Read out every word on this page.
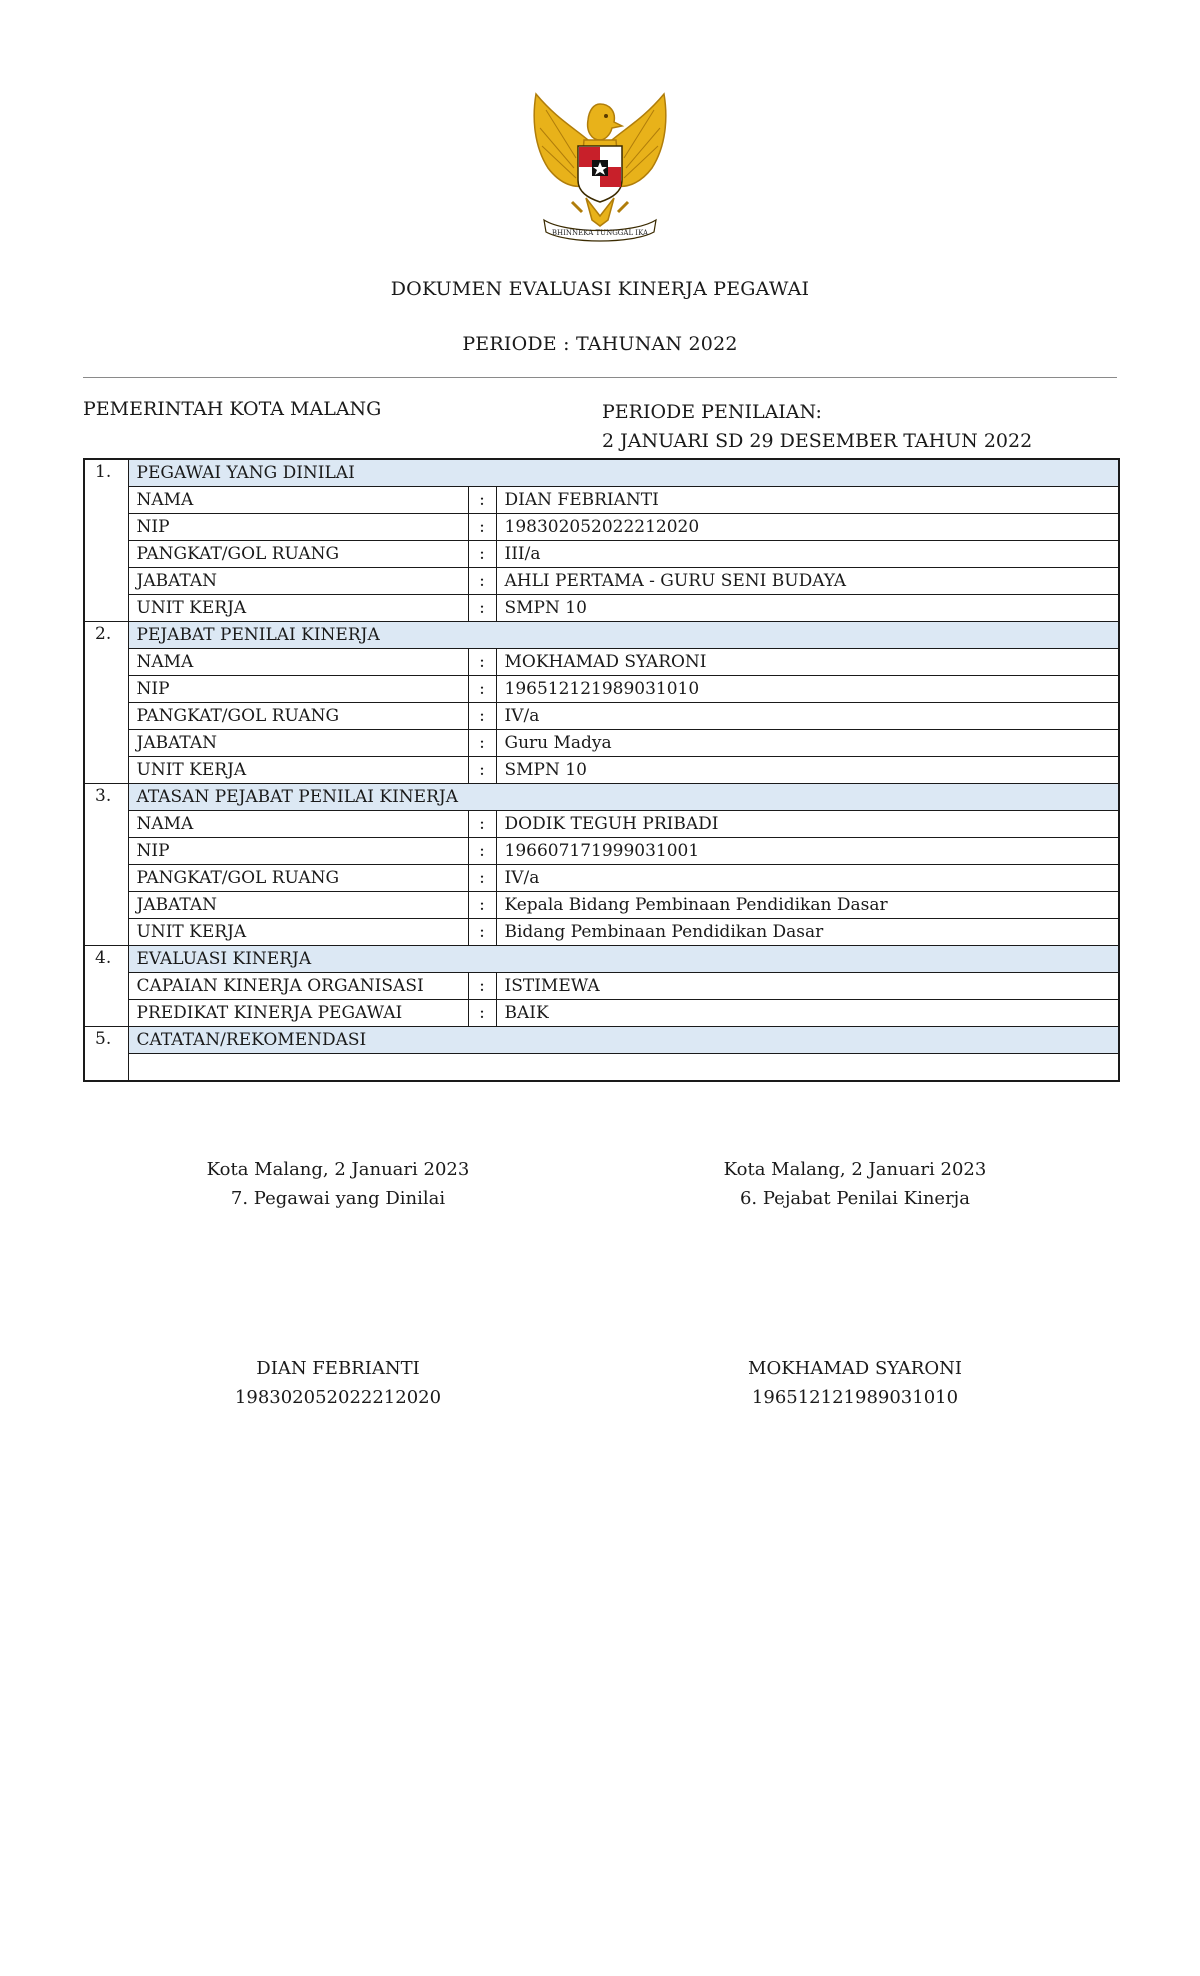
BHINNEKA TUNGGAL IKA
DOKUMEN EVALUASI KINERJA PEGAWAI
PERIODE : TAHUNAN 2022
PEMERINTAH KOTA MALANG	PERIODE PENILAIAN:
2 JANUARI SD 29 DESEMBER TAHUN 2022
1.	PEGAWAI YANG DINILAI		
	NAMA	:	DIAN FEBRIANTI
	NIP	:	198302052022212020
	PANGKAT/GOL RUANG	:	III/a
	JABATAN	:	AHLI PERTAMA - GURU SENI BUDAYA
	UNIT KERJA	:	SMPN 10
2.	PEJABAT PENILAI KINERJA		
	NAMA	:	MOKHAMAD SYARONI
	NIP	:	196512121989031010
	PANGKAT/GOL RUANG	:	IV/a
	JABATAN	:	Guru Madya
	UNIT KERJA	:	SMPN 10
3.	ATASAN PEJABAT PENILAI KINERJA		
	NAMA	:	DODIK TEGUH PRIBADI
	NIP	:	196607171999031001
	PANGKAT/GOL RUANG	:	IV/a
	JABATAN	:	Kepala Bidang Pembinaan Pendidikan Dasar
	UNIT KERJA	:	Bidang Pembinaan Pendidikan Dasar
4.	EVALUASI KINERJA		
	CAPAIAN KINERJA ORGANISASI	:	ISTIMEWA
	PREDIKAT KINERJA PEGAWAI	:	BAIK
5.	CATATAN/REKOMENDASI		

Kota Malang, 2 Januari 2023
7. Pegawai yang Dinilai
Kota Malang, 2 Januari 2023
6. Pejabat Penilai Kinerja
DIAN FEBRIANTI
198302052022212020
MOKHAMAD SYARONI
196512121989031010
